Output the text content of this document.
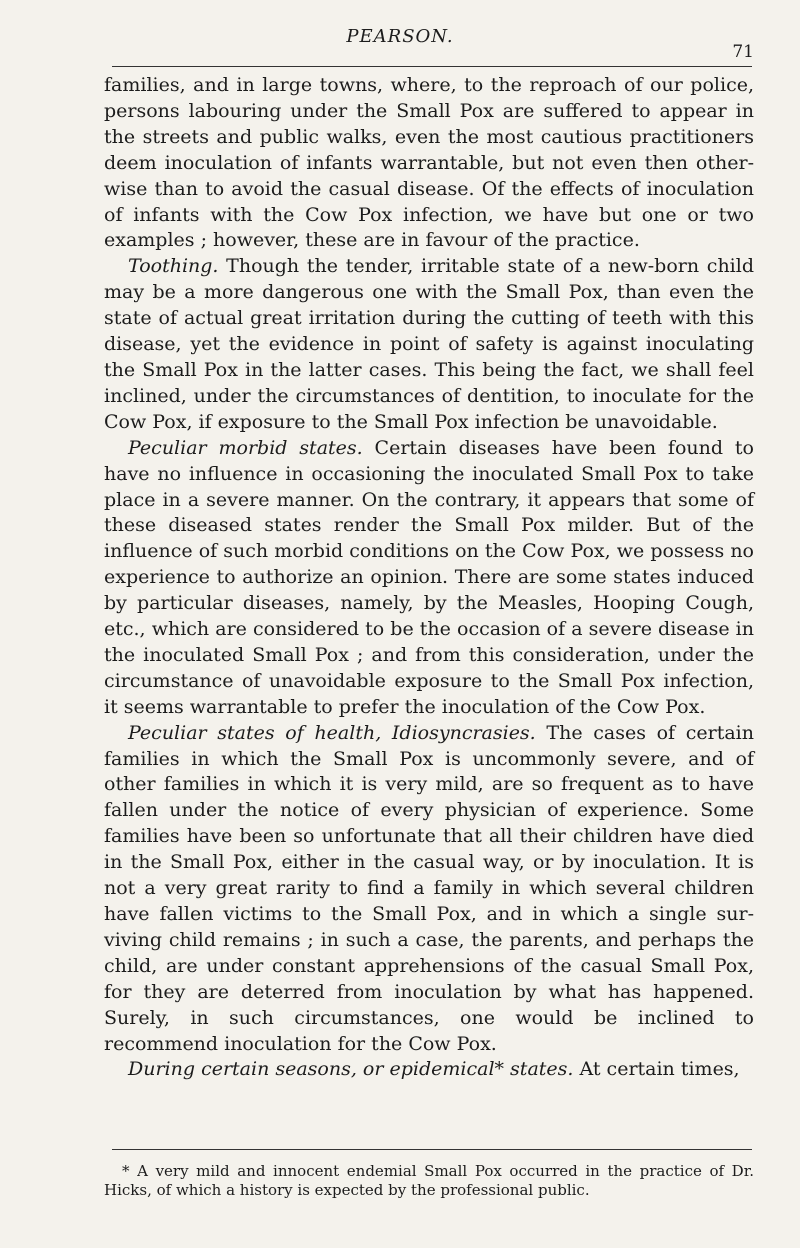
PEARSON.
71

families, and in large towns, where, to the reproach of our police, persons labouring under the Small Pox are suffered to appear in the streets and public walks, even the most cautious practitioners deem inoculation of infants warrantable, but not even then otherwise than to avoid the casual disease. Of the effects of inoculation of infants with the Cow Pox infection, we have but one or two examples ; however, these are in favour of the practice.

Toothing. Though the tender, irritable state of a new-born child may be a more dangerous one with the Small Pox, than even the state of actual great irritation during the cutting of teeth with this disease, yet the evidence in point of safety is against inoculating the Small Pox in the latter cases. This being the fact, we shall feel inclined, under the circumstances of dentition, to inoculate for the Cow Pox, if exposure to the Small Pox infection be unavoidable.

Peculiar morbid states. Certain diseases have been found to have no influence in occasioning the inoculated Small Pox to take place in a severe manner. On the contrary, it appears that some of these diseased states render the Small Pox milder. But of the influence of such morbid conditions on the Cow Pox, we possess no experience to authorize an opinion. There are some states induced by particular diseases, namely, by the Measles, Hooping Cough, etc., which are considered to be the occasion of a severe disease in the inoculated Small Pox ; and from this consideration, under the circumstance of unavoidable exposure to the Small Pox infection, it seems warrantable to prefer the inoculation of the Cow Pox.

Peculiar states of health, Idiosyncrasies. The cases of certain families in which the Small Pox is uncommonly severe, and of other families in which it is very mild, are so frequent as to have fallen under the notice of every physician of experience. Some families have been so unfortunate that all their children have died in the Small Pox, either in the casual way, or by inoculation. It is not a very great rarity to find a family in which several children have fallen victims to the Small Pox, and in which a single surviving child remains ; in such a case, the parents, and perhaps the child, are under constant apprehensions of the casual Small Pox, for they are deterred from inoculation by what has happened. Surely, in such circumstances, one would be inclined to recommend inoculation for the Cow Pox.

During certain seasons, or epidemical* states. At certain times,

* A very mild and innocent endemial Small Pox occurred in the practice of Dr. Hicks, of which a history is expected by the professional public.
